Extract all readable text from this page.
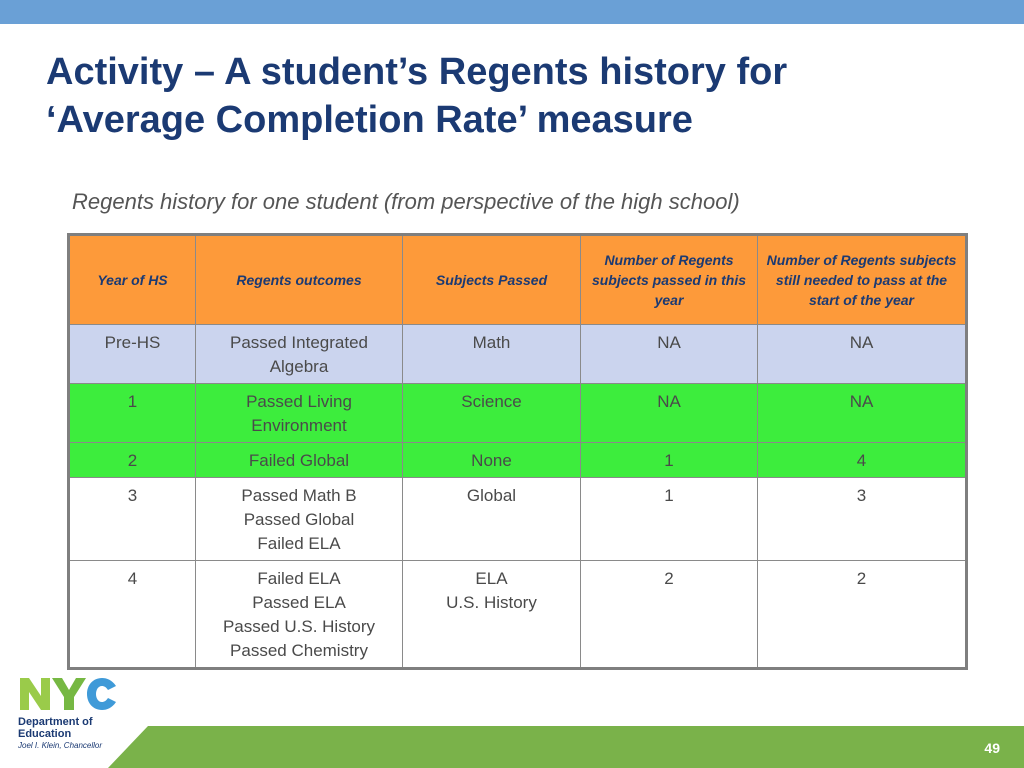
Activity – A student’s Regents history for
‘Average Completion Rate’ measure
Regents history for one student (from perspective of the high school)
Year of HS	Regents outcomes	Subjects Passed	Number of Regents subjects passed in this year	Number of Regents subjects still needed to pass at the start of the year
Pre-HS	Passed Integrated
Algebra	Math	NA	NA
1	Passed Living
Environment	Science	NA	NA
2	Failed Global	None	1	4
3	Passed Math B
Passed Global
Failed ELA	Global	1	3
4	Failed ELA
Passed ELA
Passed U.S. History
Passed Chemistry	ELA
U.S. History	2	2
Department of Education
Joel I. Klein, Chancellor	49
